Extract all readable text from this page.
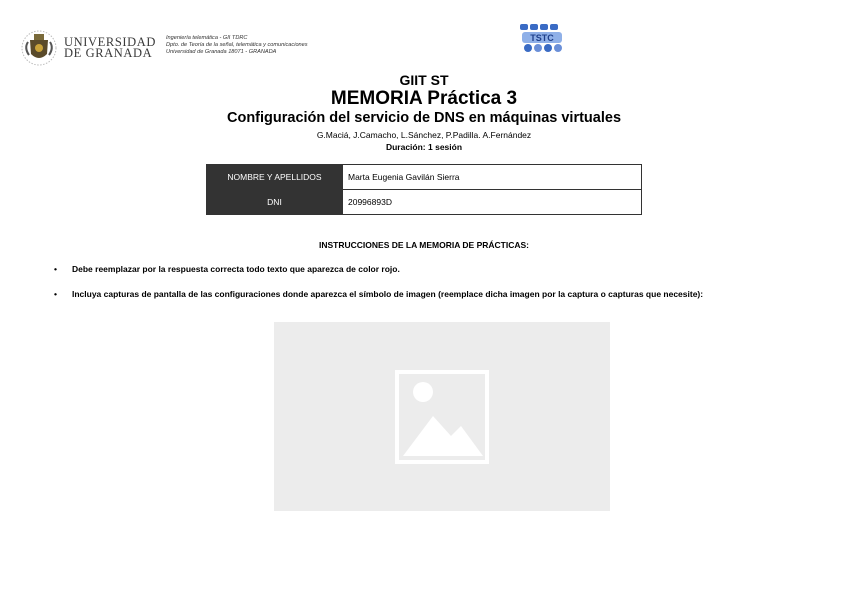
UNIVERSIDAD
DE GRANADA
Ingeniería telemática - GII TDRC
Dpto. de Teoría de la señal, telemática y comunicaciones
Universidad de Granada 18071 - GRANADA
TSTC
GIIT ST
MEMORIA Práctica 3
Configuración del servicio de DNS en máquinas virtuales
G.Maciá, J.Camacho, L.Sánchez, P.Padilla. A.Fernández
Duración: 1 sesión
NOMBRE Y APELLIDOS	Marta Eugenia Gavilán Sierra
DNI	20996893D
INSTRUCCIONES DE LA MEMORIA DE PRÁCTICAS:
• Debe reemplazar por la respuesta correcta todo texto que aparezca de color rojo.
• Incluya capturas de pantalla de las configuraciones donde aparezca el símbolo de imagen (reemplace dicha imagen por la captura o capturas que necesite):
